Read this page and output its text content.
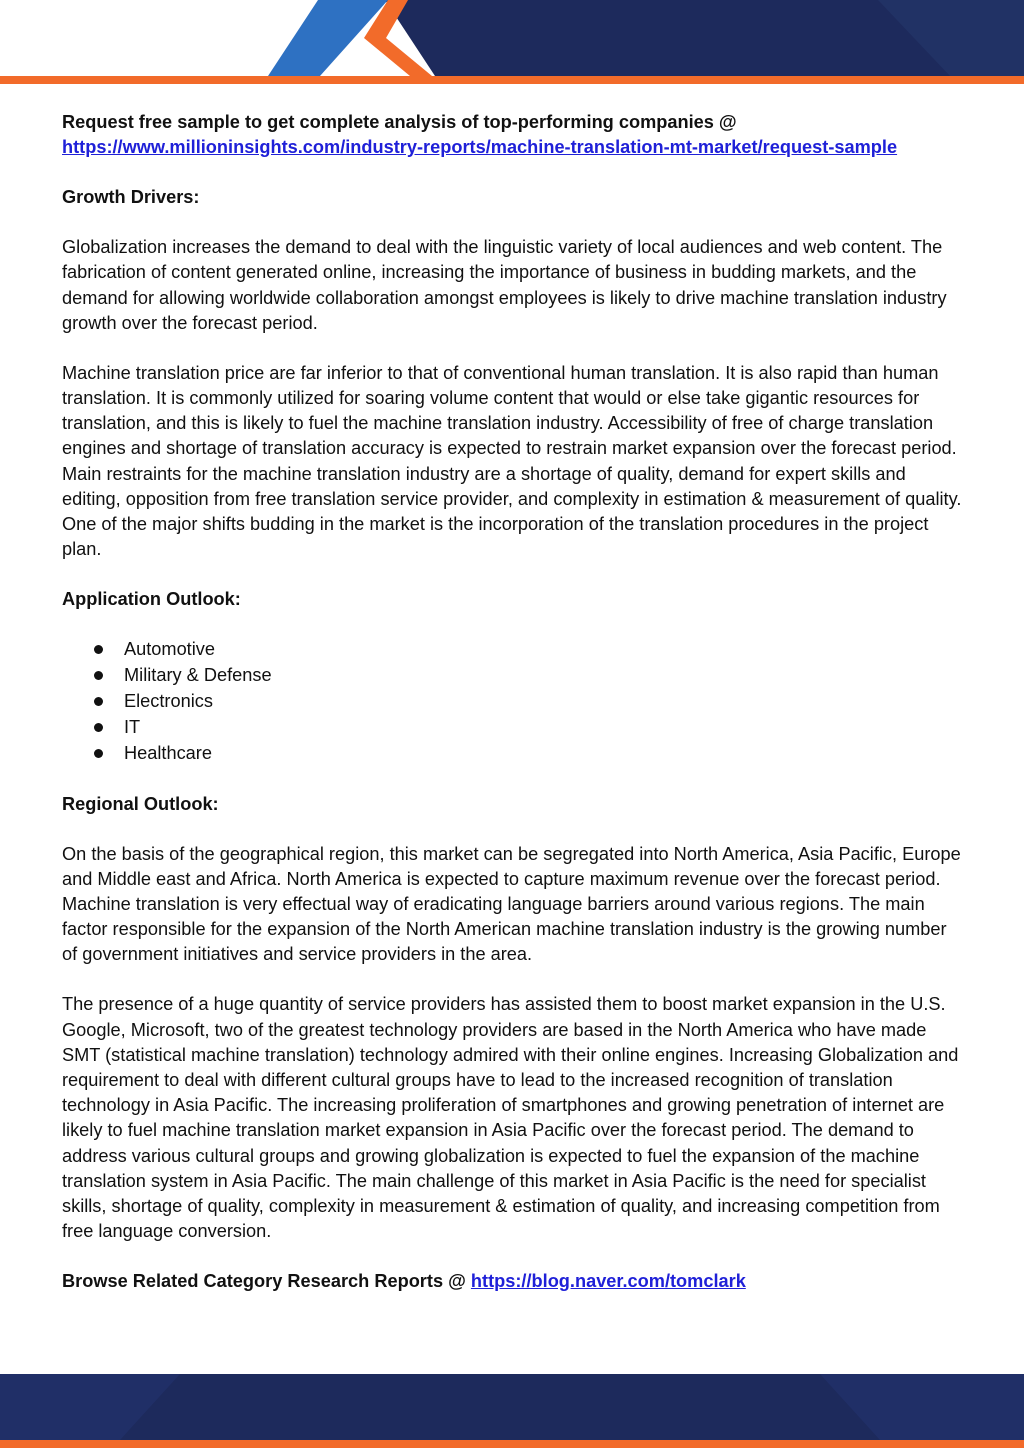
Request free sample to get complete analysis of top-performing companies @
https://www.millioninsights.com/industry-reports/machine-translation-mt-market/request-sample

Growth Drivers:

Globalization increases the demand to deal with the linguistic variety of local audiences and web content. The fabrication of content generated online, increasing the importance of business in budding markets, and the demand for allowing worldwide collaboration amongst employees is likely to drive machine translation industry growth over the forecast period.

Machine translation price are far inferior to that of conventional human translation. It is also rapid than human translation. It is commonly utilized for soaring volume content that would or else take gigantic resources for translation, and this is likely to fuel the machine translation industry. Accessibility of free of charge translation engines and shortage of translation accuracy is expected to restrain market expansion over the forecast period. Main restraints for the machine translation industry are a shortage of quality, demand for expert skills and editing, opposition from free translation service provider, and complexity in estimation & measurement of quality. One of the major shifts budding in the market is the incorporation of the translation procedures in the project plan.

Application Outlook:

Automotive
Military & Defense
Electronics
IT
Healthcare

Regional Outlook:

On the basis of the geographical region, this market can be segregated into North America, Asia Pacific, Europe and Middle east and Africa. North America is expected to capture maximum revenue over the forecast period. Machine translation is very effectual way of eradicating language barriers around various regions. The main factor responsible for the expansion of the North American machine translation industry is the growing number of government initiatives and service providers in the area.

The presence of a huge quantity of service providers has assisted them to boost market expansion in the U.S. Google, Microsoft, two of the greatest technology providers are based in the North America who have made SMT (statistical machine translation) technology admired with their online engines. Increasing Globalization and requirement to deal with different cultural groups have to lead to the increased recognition of translation technology in Asia Pacific. The increasing proliferation of smartphones and growing penetration of internet are likely to fuel machine translation market expansion in Asia Pacific over the forecast period. The demand to address various cultural groups and growing globalization is expected to fuel the expansion of the machine translation system in Asia Pacific. The main challenge of this market in Asia Pacific is the need for specialist skills, shortage of quality, complexity in measurement & estimation of quality, and increasing competition from free language conversion.

Browse Related Category Research Reports @ https://blog.naver.com/tomclark
